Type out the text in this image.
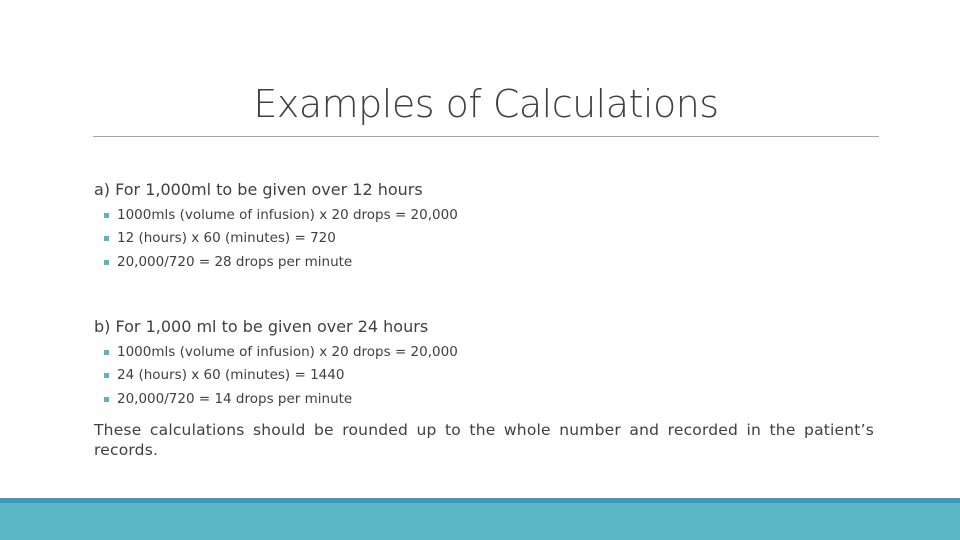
Examples of Calculations
a) For 1,000ml to be given over 12 hours
1000mls (volume of infusion) x 20 drops = 20,000
12 (hours) x 60 (minutes) = 720
20,000/720 = 28 drops per minute
b) For 1,000 ml to be given over 24 hours
1000mls (volume of infusion) x 20 drops = 20,000
24 (hours) x 60 (minutes) = 1440
20,000/720 = 14 drops per minute
These calculations should be rounded up to the whole number and recorded in the patient’s records.
